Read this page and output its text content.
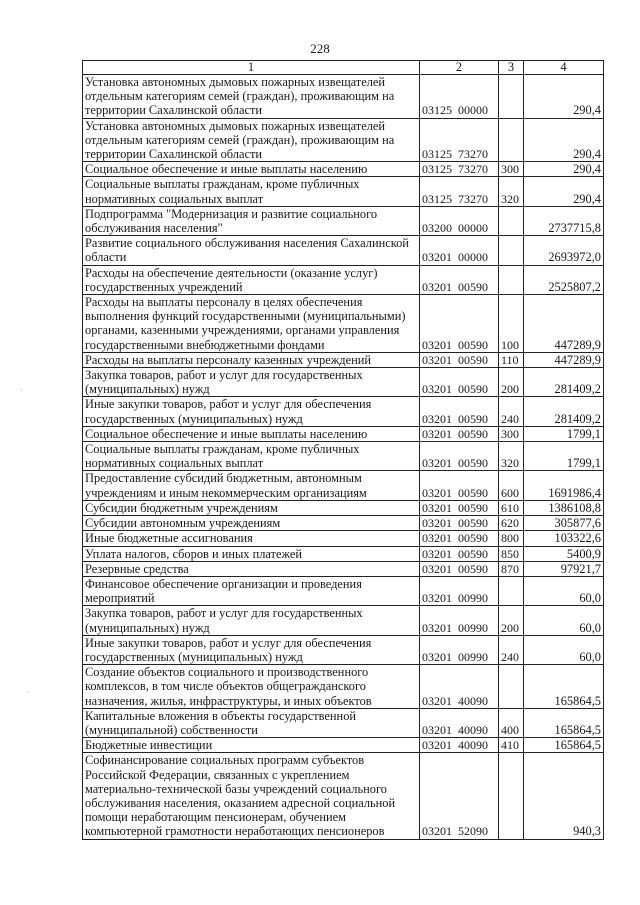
228
1	2	3	4
Установка автономных дымовых пожарных извещателей отдельным категориям семей (граждан), проживающим на территории Сахалинской области	03125  00000		290,4
Установка автономных дымовых пожарных извещателей отдельным категориям семей (граждан), проживающим на территории Сахалинской области	03125  73270		290,4
Социальное обеспечение и иные выплаты населению	03125  73270	300	290,4
Социальные выплаты гражданам, кроме публичных нормативных социальных выплат	03125  73270	320	290,4
Подпрограмма "Модернизация и развитие социального обслуживания населения"	03200  00000		2737715,8
Развитие социального обслуживания населения Сахалинской области	03201  00000		2693972,0
Расходы на обеспечение деятельности (оказание услуг) государственных учреждений	03201  00590		2525807,2
Расходы на выплаты персоналу в целях обеспечения выполнения функций государственными (муниципальными) органами, казенными учреждениями, органами управления государственными внебюджетными фондами	03201  00590	100	447289,9
Расходы на выплаты персоналу казенных учреждений	03201  00590	110	447289,9
Закупка товаров, работ и услуг для государственных (муниципальных) нужд	03201  00590	200	281409,2
Иные закупки товаров, работ и услуг для обеспечения государственных (муниципальных) нужд	03201  00590	240	281409,2
Социальное обеспечение и иные выплаты населению	03201  00590	300	1799,1
Социальные выплаты гражданам, кроме публичных нормативных социальных выплат	03201  00590	320	1799,1
Предоставление субсидий бюджетным, автономным учреждениям и иным некоммерческим организациям	03201  00590	600	1691986,4
Субсидии бюджетным учреждениям	03201  00590	610	1386108,8
Субсидии автономным учреждениям	03201  00590	620	305877,6
Иные бюджетные ассигнования	03201  00590	800	103322,6
Уплата налогов, сборов и иных платежей	03201  00590	850	5400,9
Резервные средства	03201  00590	870	97921,7
Финансовое обеспечение организации и проведения мероприятий	03201  00990		60,0
Закупка товаров, работ и услуг для государственных (муниципальных) нужд	03201  00990	200	60,0
Иные закупки товаров, работ и услуг для обеспечения государственных (муниципальных) нужд	03201  00990	240	60,0
Создание объектов социального и производственного комплексов, в том числе объектов общегражданского назначения, жилья, инфраструктуры, и иных объектов	03201  40090		165864,5
Капитальные вложения в объекты государственной (муниципальной) собственности	03201  40090	400	165864,5
Бюджетные инвестиции	03201  40090	410	165864,5
Софинансирование социальных программ субъектов Российской Федерации, связанных с укреплением материально-технической базы учреждений социального обслуживания населения, оказанием адресной социальной помощи неработающим пенсионерам, обучением компьютерной грамотности неработающих пенсионеров	03201  52090		940,3
·
·
